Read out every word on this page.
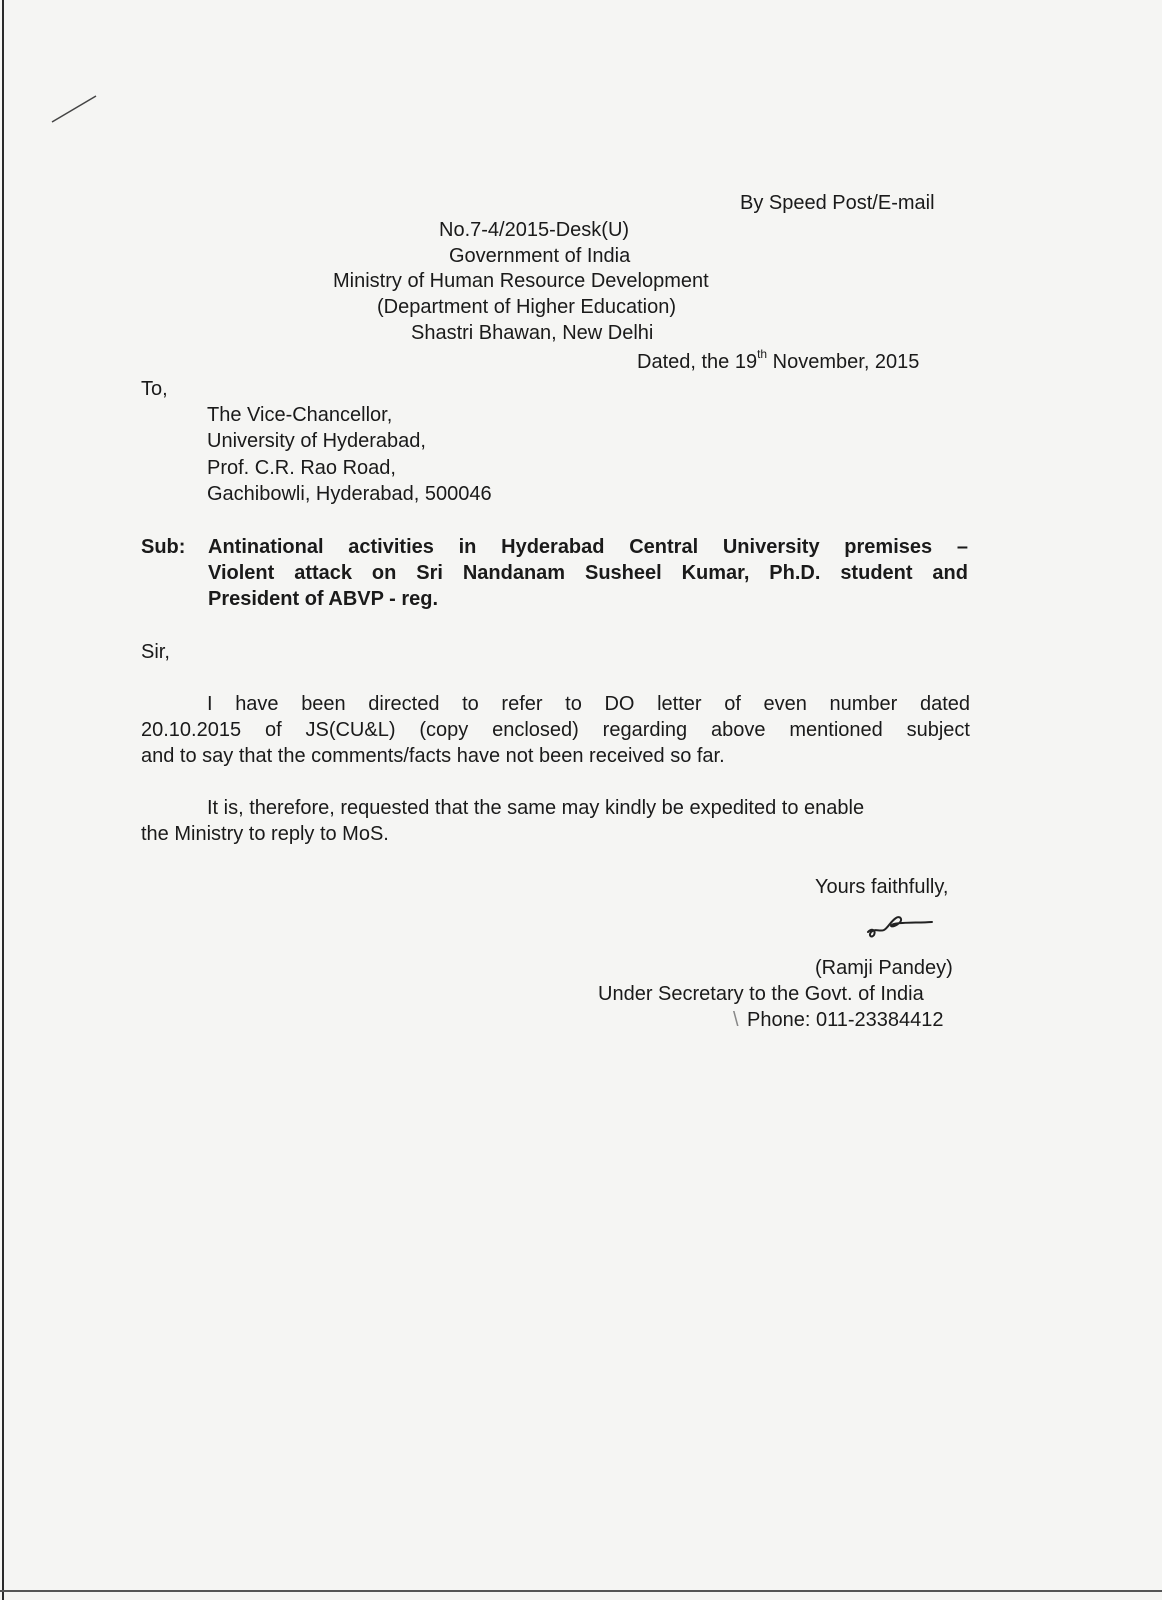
By Speed Post/E-mail
No.7-4/2015-Desk(U)
Government of India
Ministry of Human Resource Development
(Department of Higher Education)
Shastri Bhawan, New Delhi
Dated, the 19th November, 2015
To,
The Vice-Chancellor,
University of Hyderabad,
Prof. C.R. Rao Road,
Gachibowli, Hyderabad, 500046
Sub: Antinational activities in Hyderabad Central University premises –
Violent attack on Sri Nandanam Susheel Kumar, Ph.D. student and
President of ABVP - reg.
Sir,
I have been directed to refer to DO letter of even number dated
20.10.2015 of JS(CU&L) (copy enclosed) regarding above mentioned subject
and to say that the comments/facts have not been received so far.
It is, therefore, requested that the same may kindly be expedited to enable
the Ministry to reply to MoS.
Yours faithfully,
(Ramji Pandey)
Under Secretary to the Govt. of India
\ Phone: 011-23384412
